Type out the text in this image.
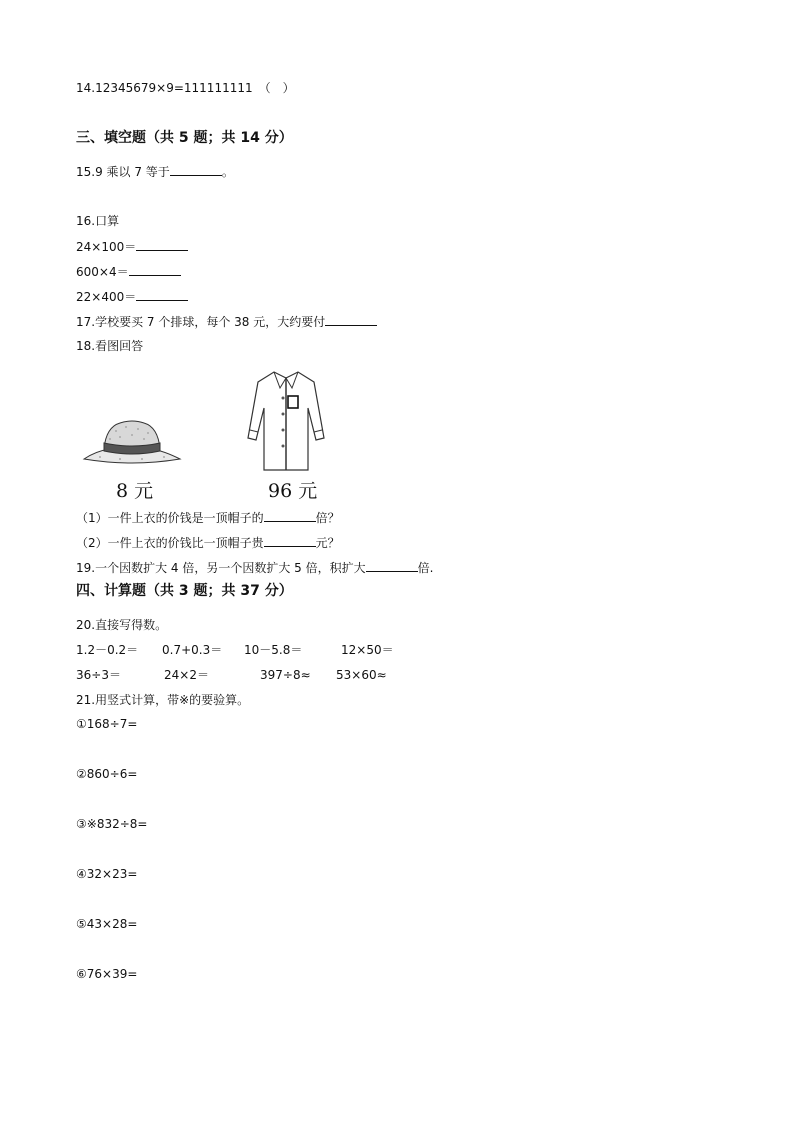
14.12345679×9=111111111　（　）
三、填空题（共 5 题；共 14 分）
15.9 乘以 7 等于	。
16.口算
24×100＝
600×4＝
22×400＝
17.学校要买 7 个排球，每个 38 元，大约要付
18.看图回答
8 元	96 元
（1）一件上衣的价钱是一顶帽子的	倍？
（2）一件上衣的价钱比一顶帽子贵	元？
19.一个因数扩大 4 倍，另一个因数扩大 5 倍，积扩大	倍.
四、计算题（共 3 题；共 37 分）
20.直接写得数。
1.2－0.2＝ 0.7+0.3＝ 10－5.8＝	12×50＝
36÷3＝	24×2＝	397÷8≈ 53×60≈
21.用竖式计算，带※的要验算。
①168÷7=
②860÷6=
③※832÷8=
④32×23=
⑤43×28=
⑥76×39=
